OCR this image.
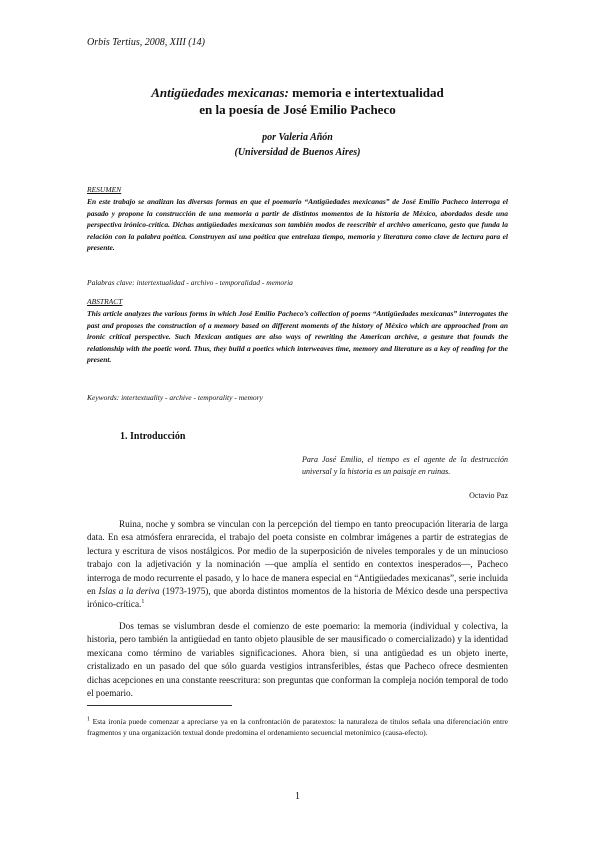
Orbis Tertius, 2008, XIII (14)
Antigüedades mexicanas: memoria e intertextualidad
en la poesía de José Emilio Pacheco
por Valeria Añón
(Universidad de Buenos Aires)
RESUMEN
En este trabajo se analizan las diversas formas en que el poemario “Antigüedades mexicanas” de José Emilio Pacheco interroga el pasado y propone la construcción de una memoria a partir de distintos momentos de la historia de México, abordados desde una perspectiva irónico-crítica. Dichas antigüedades mexicanas son también modos de reescribir el archivo americano, gesto que funda la relación con la palabra poética. Construyen así una poética que entrelaza tiempo, memoria y literatura como clave de lectura para el presente.
Palabras clave: intertextualidad - archivo - temporalidad - memoria
ABSTRACT
This article analyzes the various forms in which José Emilio Pacheco’s collection of poems “Antigüedades mexicanas” interrogates the past and proposes the construction of a memory based on different moments of the history of México which are approached from an ironic critical perspective. Such Mexican antiques are also ways of rewriting the American archive, a gesture that founds the relationship with the poetic word. Thus, they build a poetics which interweaves time, memory and literature as a key of reading for the present.
Keywords: intertextuality - archive - temporality - memory
1. Introducción
Para José Emilio, el tiempo es el agente de la destrucción universal y la historia es un paisaje en ruinas.
Octavio Paz

Ruina, noche y sombra se vinculan con la percepción del tiempo en tanto preocupación literaria de larga data. En esa atmósfera enrarecida, el trabajo del poeta consiste en colmbrar imágenes a partir de estrategias de lectura y escritura de visos nostálgicos. Por medio de la superposición de niveles temporales y de un minucioso trabajo con la adjetivación y la nominación —que amplía el sentido en contextos inesperados—, Pacheco interroga de modo recurrente el pasado, y lo hace de manera especial en “Antigüedades mexicanas”, serie incluida en Islas a la deriva (1973-1975), que aborda distintos momentos de la historia de México desde una perspectiva irónico-crítica.$^1$

Dos temas se vislumbran desde el comienzo de este poemario: la memoria (individual y colectiva, la historia, pero también la antigüedad en tanto objeto plausible de ser mausificado o comercializado) y la identidad mexicana como término de variables significaciones. Ahora bien, si una antigüedad es un objeto inerte, cristalizado en un pasado del que sólo guarda vestigios intransferibles, éstas que Pacheco ofrece desmienten dichas acepciones en una constante reescritura: son preguntas que conforman la compleja noción temporal de todo el poemario.

$^1$ Esta ironía puede comenzar a apreciarse ya en la confrontación de paratextos: la naturaleza de títulos señala una diferenciación entre fragmentos y una organización textual donde predomina el ordenamiento secuencial metonímico (causa-efecto).
1
